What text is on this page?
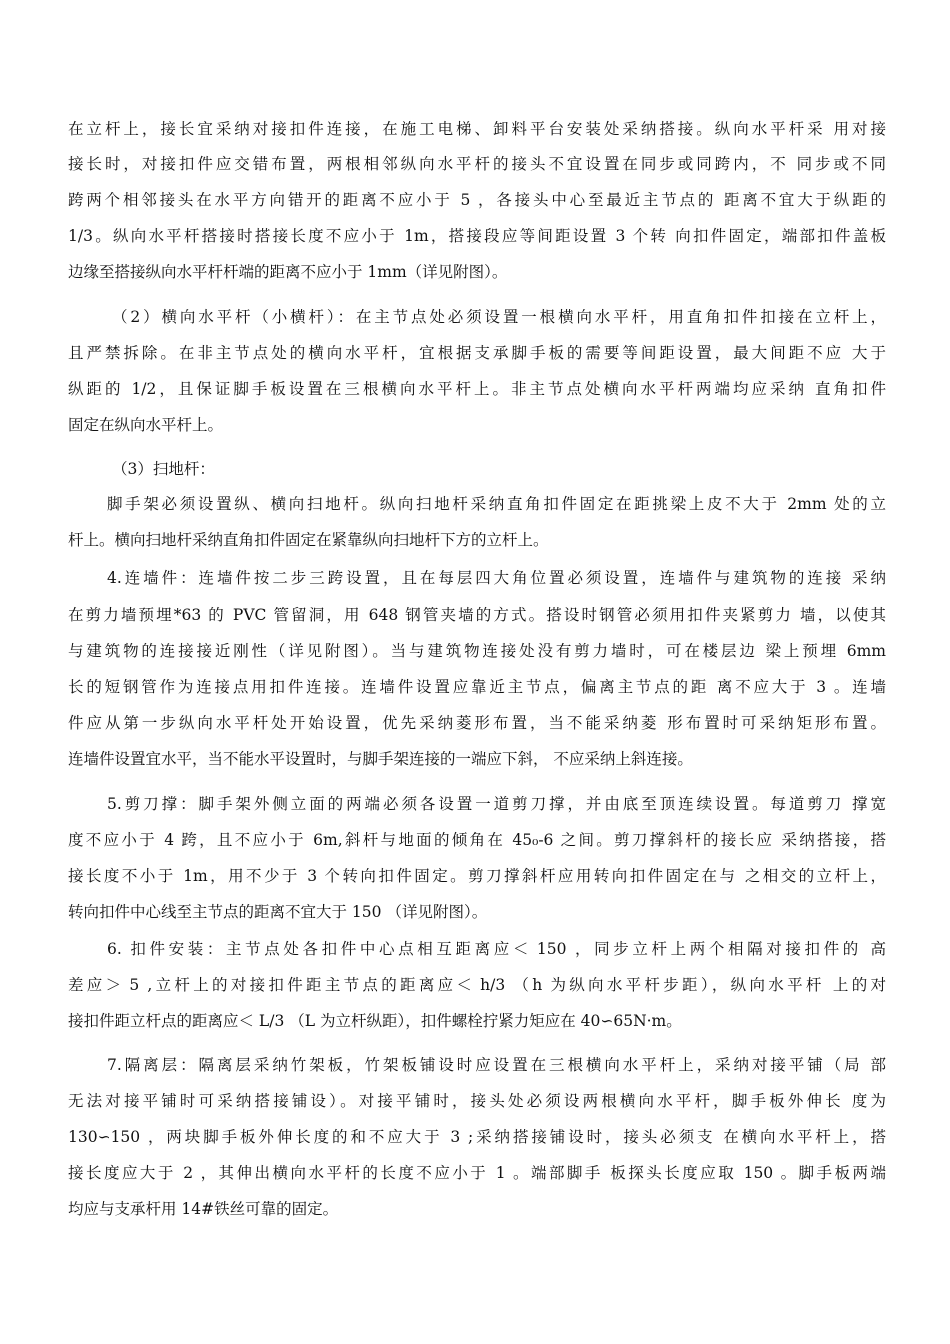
在立杆上，接长宜采纳对接扣件连接，在施工电梯、卸料平台安装处采纳搭接。纵向水平杆采 用对接
接长时，对接扣件应交错布置，两根相邻纵向水平杆的接头不宜设置在同步或同跨内，不 同步或不同
跨两个相邻接头在水平方向错开的距离不应小于 5 ，各接头中心至最近主节点的 距离不宜大于纵距的
1/3。纵向水平杆搭接时搭接长度不应小于 1m，搭接段应等间距设置 3 个转 向扣件固定，端部扣件盖板
边缘至搭接纵向水平杆杆端的距离不应小于 1mm（详见附图）。
（2）横向水平杆（小横杆）：在主节点处必须设置一根横向水平杆，用直角扣件扣接在立杆上，
且严禁拆除。在非主节点处的横向水平杆，宜根据支承脚手板的需要等间距设置，最大间距不应 大于
纵距的 1/2，且保证脚手板设置在三根横向水平杆上。非主节点处横向水平杆两端均应采纳 直角扣件
固定在纵向水平杆上。
（3）扫地杆：
脚手架必须设置纵、横向扫地杆。纵向扫地杆采纳直角扣件固定在距挑梁上皮不大于 2mm 处的立
杆上。横向扫地杆采纳直角扣件固定在紧靠纵向扫地杆下方的立杆上。
4.连墙件：连墙件按二步三跨设置，且在每层四大角位置必须设置，连墙件与建筑物的连接 采纳
在剪力墙预埋*63 的 PVC 管留洞，用 648 钢管夹墙的方式。搭设时钢管必须用扣件夹紧剪力 墙，以使其
与建筑物的连接接近刚性（详见附图）。当与建筑物连接处没有剪力墙时，可在楼层边 梁上预埋 6mm
长的短钢管作为连接点用扣件连接。连墙件设置应靠近主节点，偏离主节点的距 离不应大于 3 。连墙
件应从第一步纵向水平杆处开始设置，优先采纳菱形布置，当不能采纳菱 形布置时可采纳矩形布置。
连墙件设置宜水平，当不能水平设置时，与脚手架连接的一端应下斜， 不应采纳上斜连接。
5.剪刀撑：脚手架外侧立面的两端必须各设置一道剪刀撑，并由底至顶连续设置。每道剪刀 撑宽
度不应小于 4 跨，且不应小于 6m,斜杆与地面的倾角在 45₀-6 之间。剪刀撑斜杆的接长应 采纳搭接，搭
接长度不小于 1m，用不少于 3 个转向扣件固定。剪刀撑斜杆应用转向扣件固定在与 之相交的立杆上，
转向扣件中心线至主节点的距离不宜大于 150 （详见附图）。
6. 扣件安装：主节点处各扣件中心点相互距离应＜ 150 ，同步立杆上两个相隔对接扣件的 高
差应＞ 5 ,立杆上的对接扣件距主节点的距离应＜ h/3 （h 为纵向水平杆步距），纵向水平杆 上的对
接扣件距立杆点的距离应＜ L/3 （L 为立杆纵距），扣件螺栓拧紧力矩应在 40∽65N·m。
7.隔离层：隔离层采纳竹架板，竹架板铺设时应设置在三根横向水平杆上，采纳对接平铺（局 部
无法对接平铺时可采纳搭接铺设）。对接平铺时，接头处必须设两根横向水平杆，脚手板外伸长 度为
130∽150 ，两块脚手板外伸长度的和不应大于 3 ;采纳搭接铺设时，接头必须支 在横向水平杆上，搭
接长度应大于 2 ，其伸出横向水平杆的长度不应小于 1 。端部脚手 板探头长度应取 150 。脚手板两端
均应与支承杆用 14#铁丝可靠的固定。
